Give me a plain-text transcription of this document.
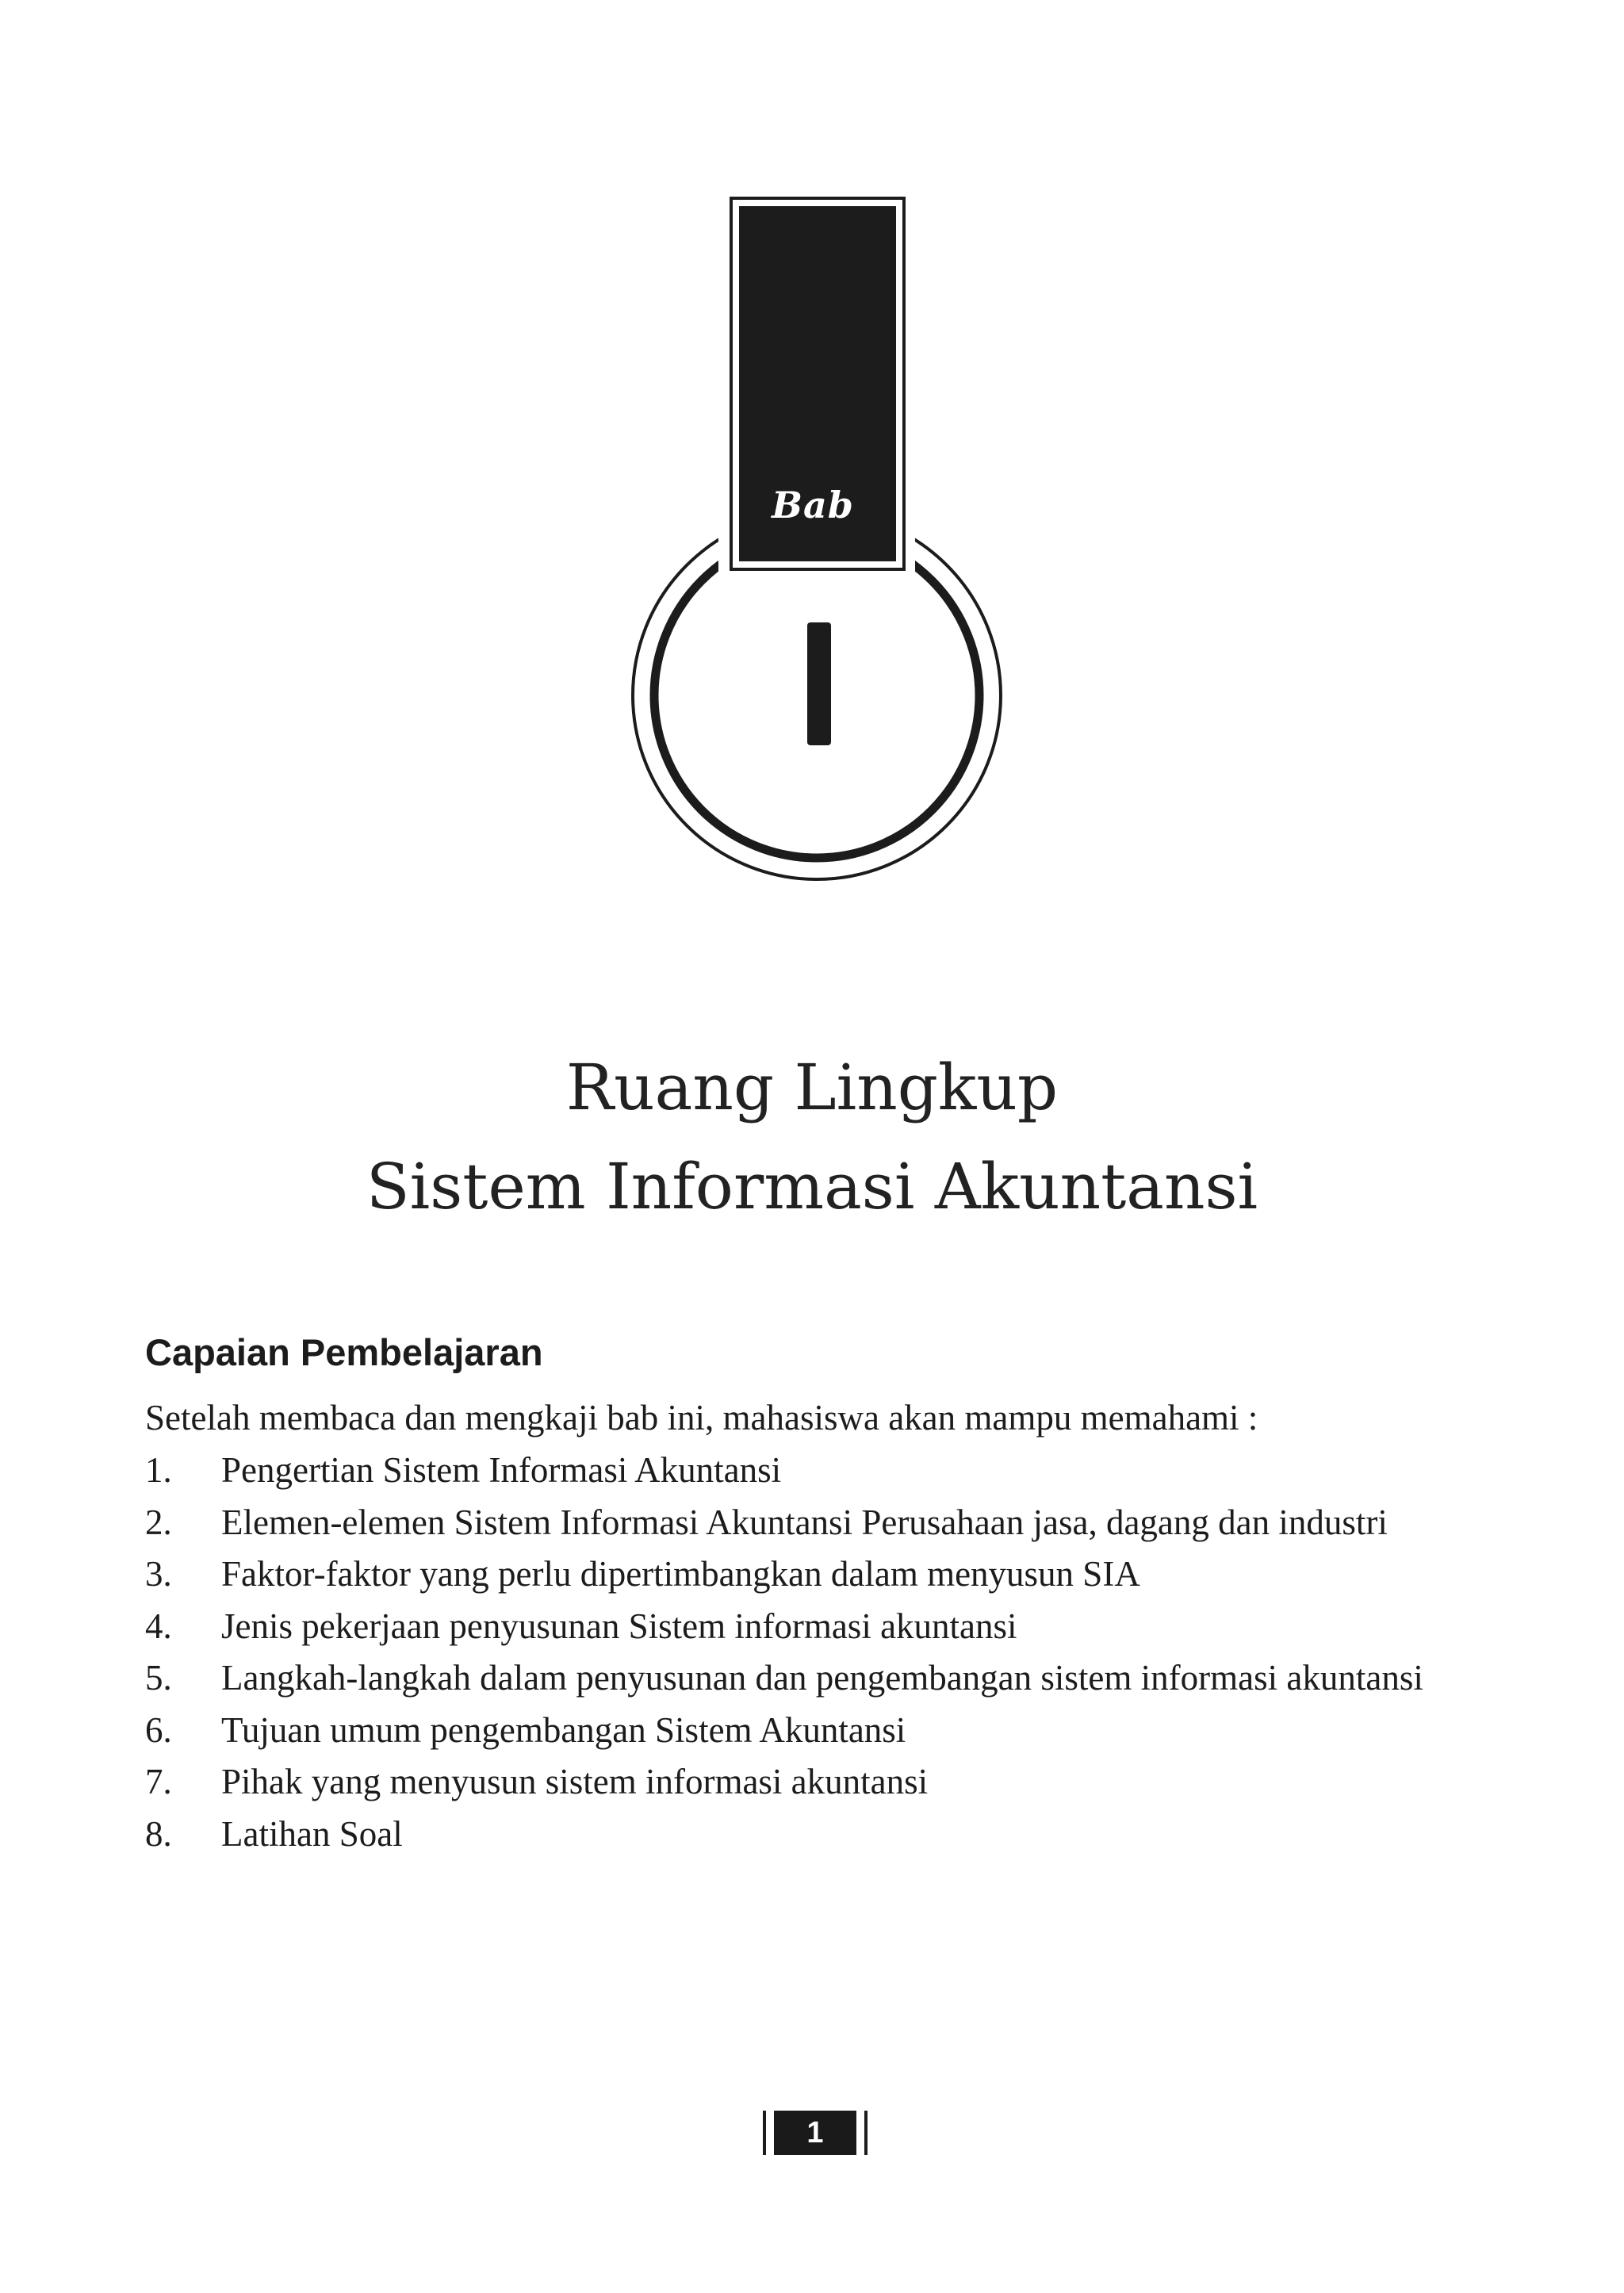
Bab
Ruang Lingkup
Sistem Informasi Akuntansi
Capaian Pembelajaran
Setelah membaca dan mengkaji bab ini, mahasiswa akan mampu memahami :
1.	Pengertian Sistem Informasi Akuntansi
2.	Elemen-elemen Sistem Informasi Akuntansi Perusahaan jasa, dagang dan industri
3.	Faktor-faktor yang perlu dipertimbangkan dalam menyusun SIA
4.	Jenis pekerjaan penyusunan Sistem informasi akuntansi
5.	Langkah-langkah dalam penyusunan dan pengembangan sistem informasi akuntansi
6.	Tujuan umum pengembangan Sistem Akuntansi
7.	Pihak yang menyusun sistem informasi akuntansi
8.	Latihan Soal
1
